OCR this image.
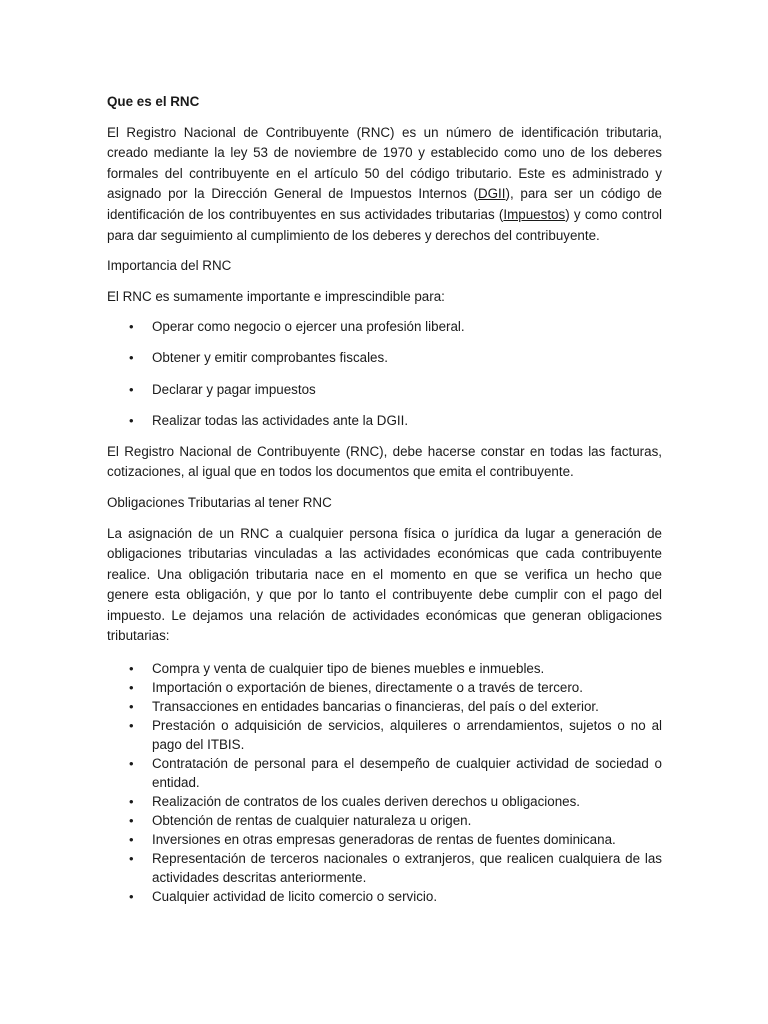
Que es el RNC

El Registro Nacional de Contribuyente (RNC) es un número de identificación tributaria, creado mediante la ley 53 de noviembre de 1970 y establecido como uno de los deberes formales del contribuyente en el artículo 50 del código tributario. Este es administrado y asignado por la Dirección General de Impuestos Internos (DGII), para ser un código de identificación de los contribuyentes en sus actividades tributarias (Impuestos) y como control para dar seguimiento al cumplimiento de los deberes y derechos del contribuyente.

Importancia del RNC

El RNC es sumamente importante e imprescindible para:

• Operar como negocio o ejercer una profesión liberal.
• Obtener y emitir comprobantes fiscales.
• Declarar y pagar impuestos
• Realizar todas las actividades ante la DGII.

El Registro Nacional de Contribuyente (RNC), debe hacerse constar en todas las facturas, cotizaciones, al igual que en todos los documentos que emita el contribuyente.

Obligaciones Tributarias al tener RNC

La asignación de un RNC a cualquier persona física o jurídica da lugar a generación de obligaciones tributarias vinculadas a las actividades económicas que cada contribuyente realice. Una obligación tributaria nace en el momento en que se verifica un hecho que genere esta obligación, y que por lo tanto el contribuyente debe cumplir con el pago del impuesto. Le dejamos una relación de actividades económicas que generan obligaciones tributarias:

• Compra y venta de cualquier tipo de bienes muebles e inmuebles.
• Importación o exportación de bienes, directamente o a través de tercero.
• Transacciones en entidades bancarias o financieras, del país o del exterior.
• Prestación o adquisición de servicios, alquileres o arrendamientos, sujetos o no al pago del ITBIS.
• Contratación de personal para el desempeño de cualquier actividad de sociedad o entidad.
• Realización de contratos de los cuales deriven derechos u obligaciones.
• Obtención de rentas de cualquier naturaleza u origen.
• Inversiones en otras empresas generadoras de rentas de fuentes dominicana.
• Representación de terceros nacionales o extranjeros, que realicen cualquiera de las actividades descritas anteriormente.
• Cualquier actividad de licito comercio o servicio.
